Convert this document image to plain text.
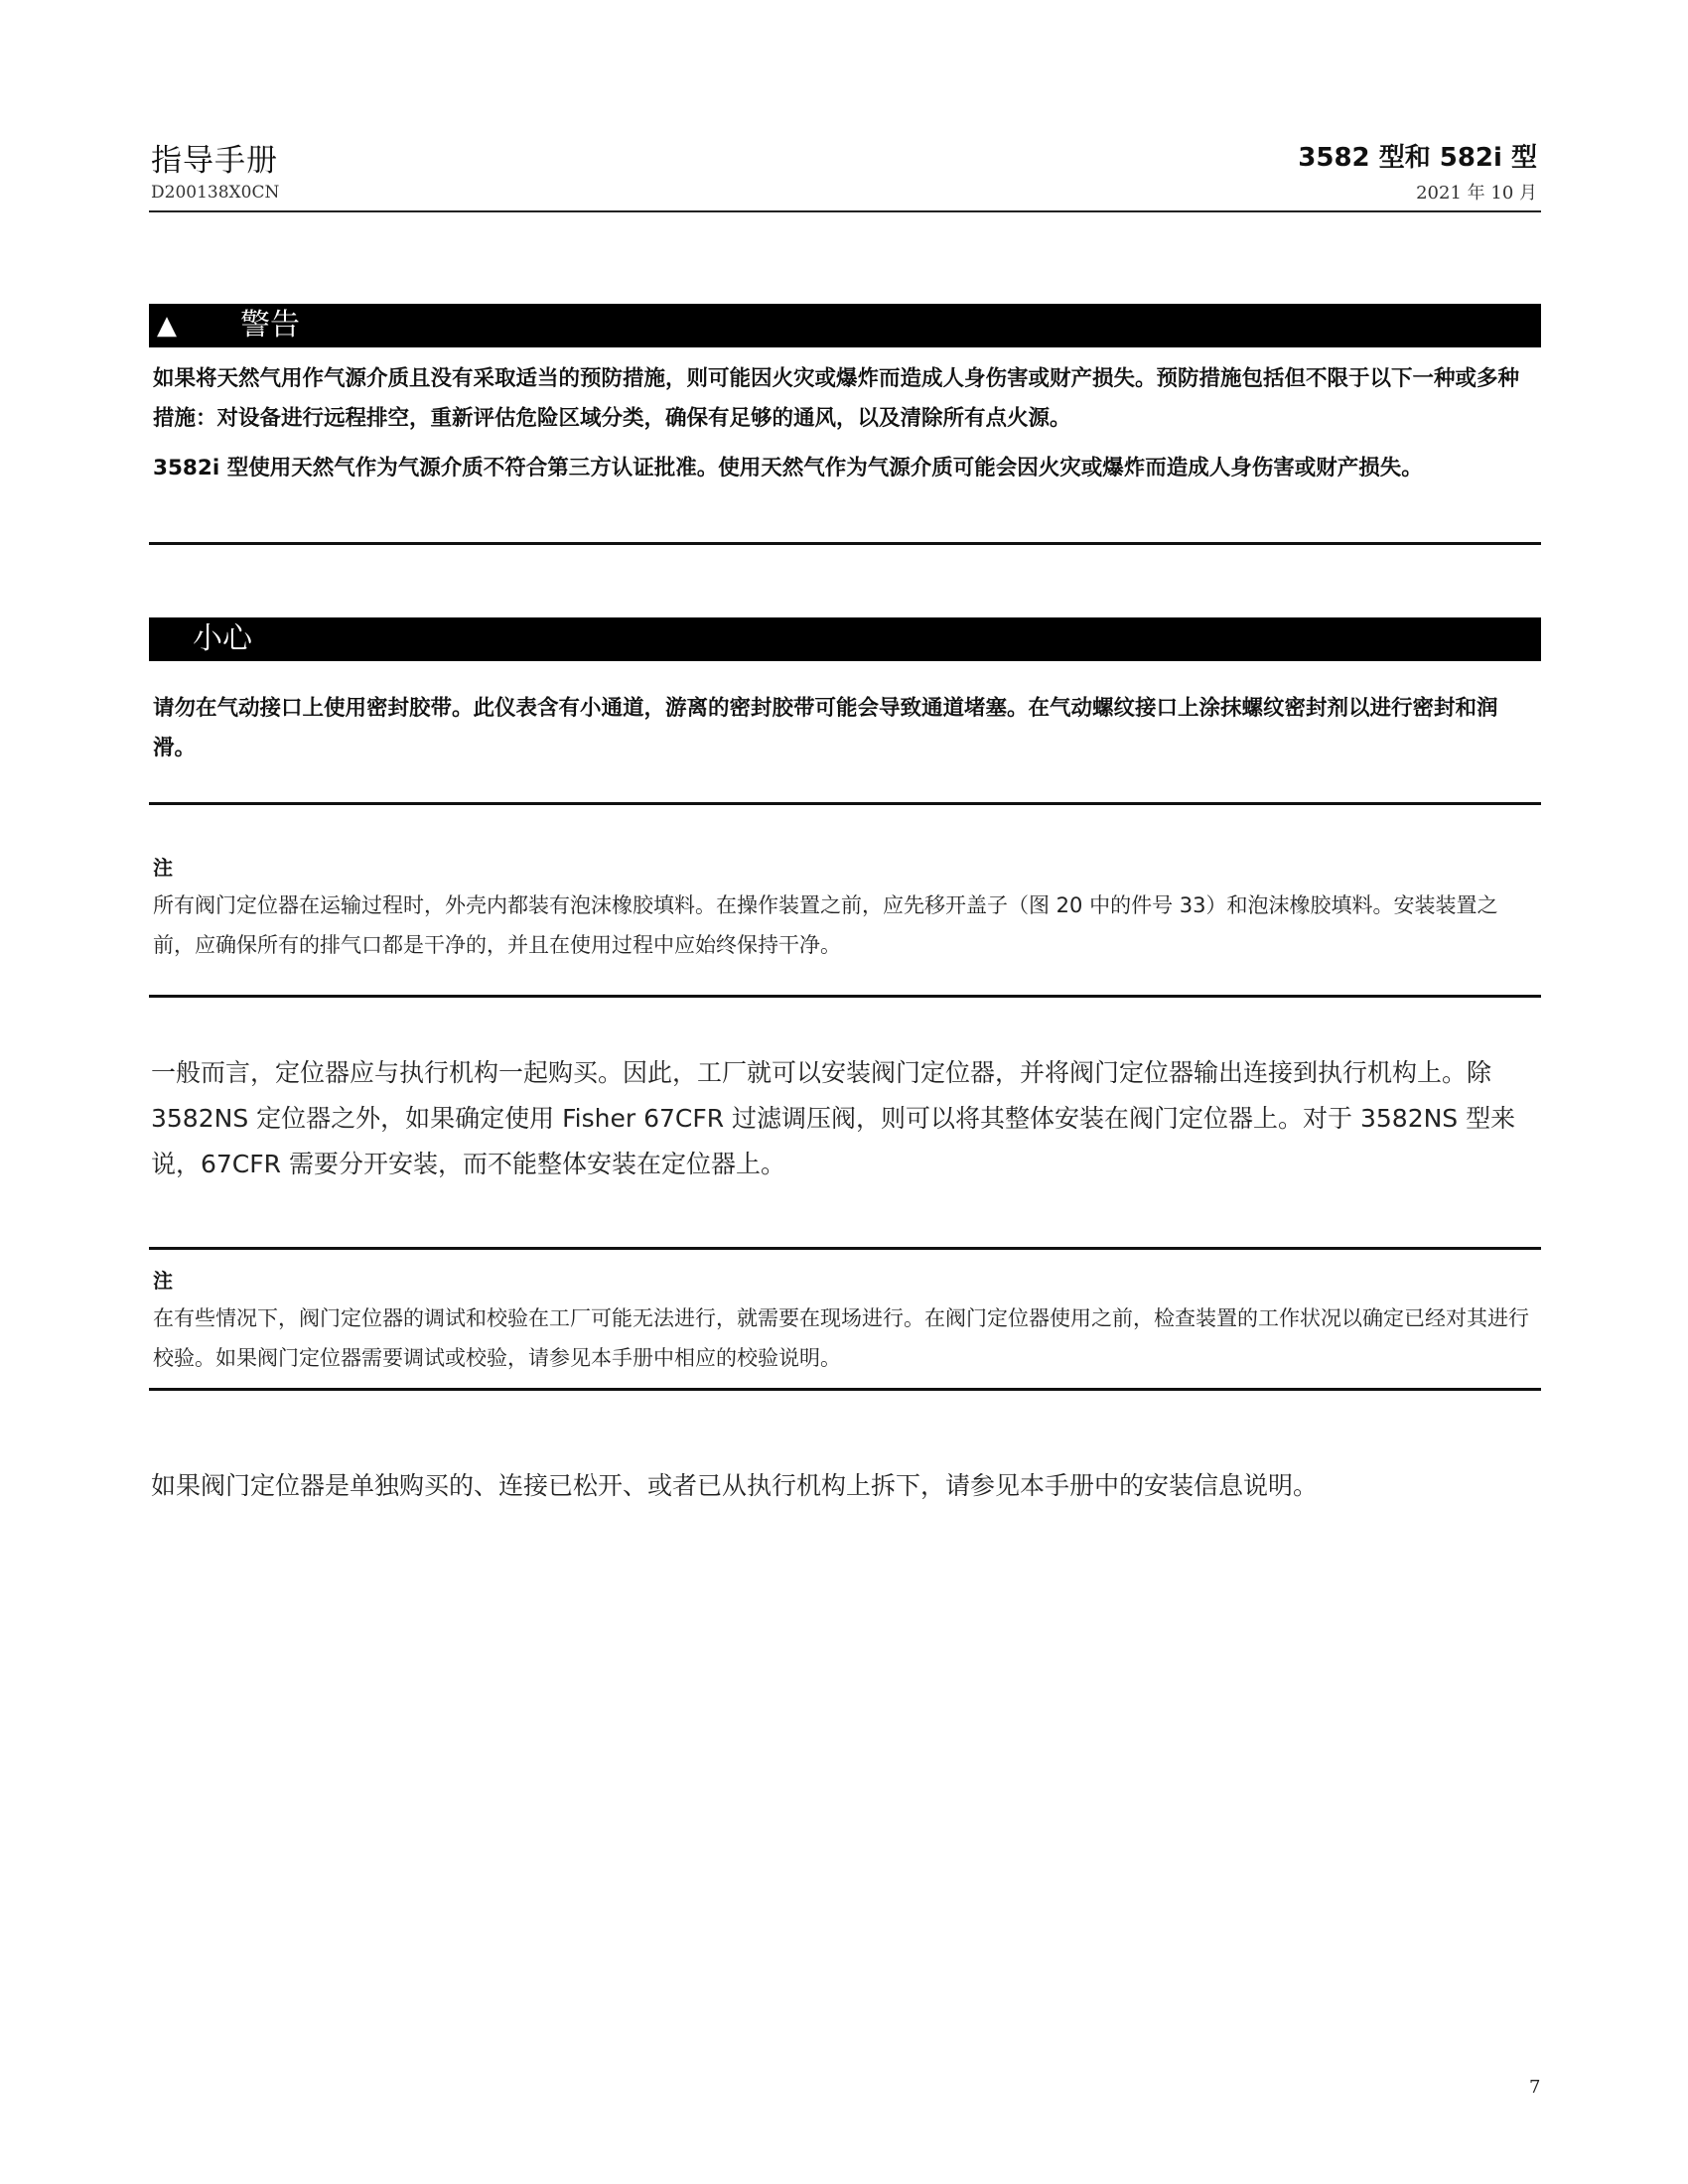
指导手册
D200138X0CN
3582 型和 582i 型
2021 年 10 月
▲ 警告

如果将天然气用作气源介质且没有采取适当的预防措施，则可能因火灾或爆炸而造成人身伤害或财产损失。预防措施包括但不限于以下一种或多种措施：对设备进行远程排空，重新评估危险区域分类，确保有足够的通风，以及清除所有点火源。

3582i 型使用天然气作为气源介质不符合第三方认证批准。使用天然气作为气源介质可能会因火灾或爆炸而造成人身伤害或财产损失。

小心

请勿在气动接口上使用密封胶带。此仪表含有小通道，游离的密封胶带可能会导致通道堵塞。在气动螺纹接口上涂抹螺纹密封剂以进行密封和润滑。

注
所有阀门定位器在运输过程时，外壳内都装有泡沫橡胶填料。在操作装置之前，应先移开盖子（图 20 中的件号 33）和泡沫橡胶填料。安装装置之前，应确保所有的排气口都是干净的，并且在使用过程中应始终保持干净。
一般而言，定位器应与执行机构一起购买。因此，工厂就可以安装阀门定位器，并将阀门定位器输出连接到执行机构上。除 3582NS 定位器之外，如果确定使用 Fisher 67CFR 过滤调压阀，则可以将其整体安装在阀门定位器上。对于 3582NS 型来说，67CFR 需要分开安装，而不能整体安装在定位器上。
注
在有些情况下，阀门定位器的调试和校验在工厂可能无法进行，就需要在现场进行。在阀门定位器使用之前，检查装置的工作状况以确定已经对其进行校验。如果阀门定位器需要调试或校验，请参见本手册中相应的校验说明。
如果阀门定位器是单独购买的、连接已松开、或者已从执行机构上拆下，请参见本手册中的安装信息说明。
7
